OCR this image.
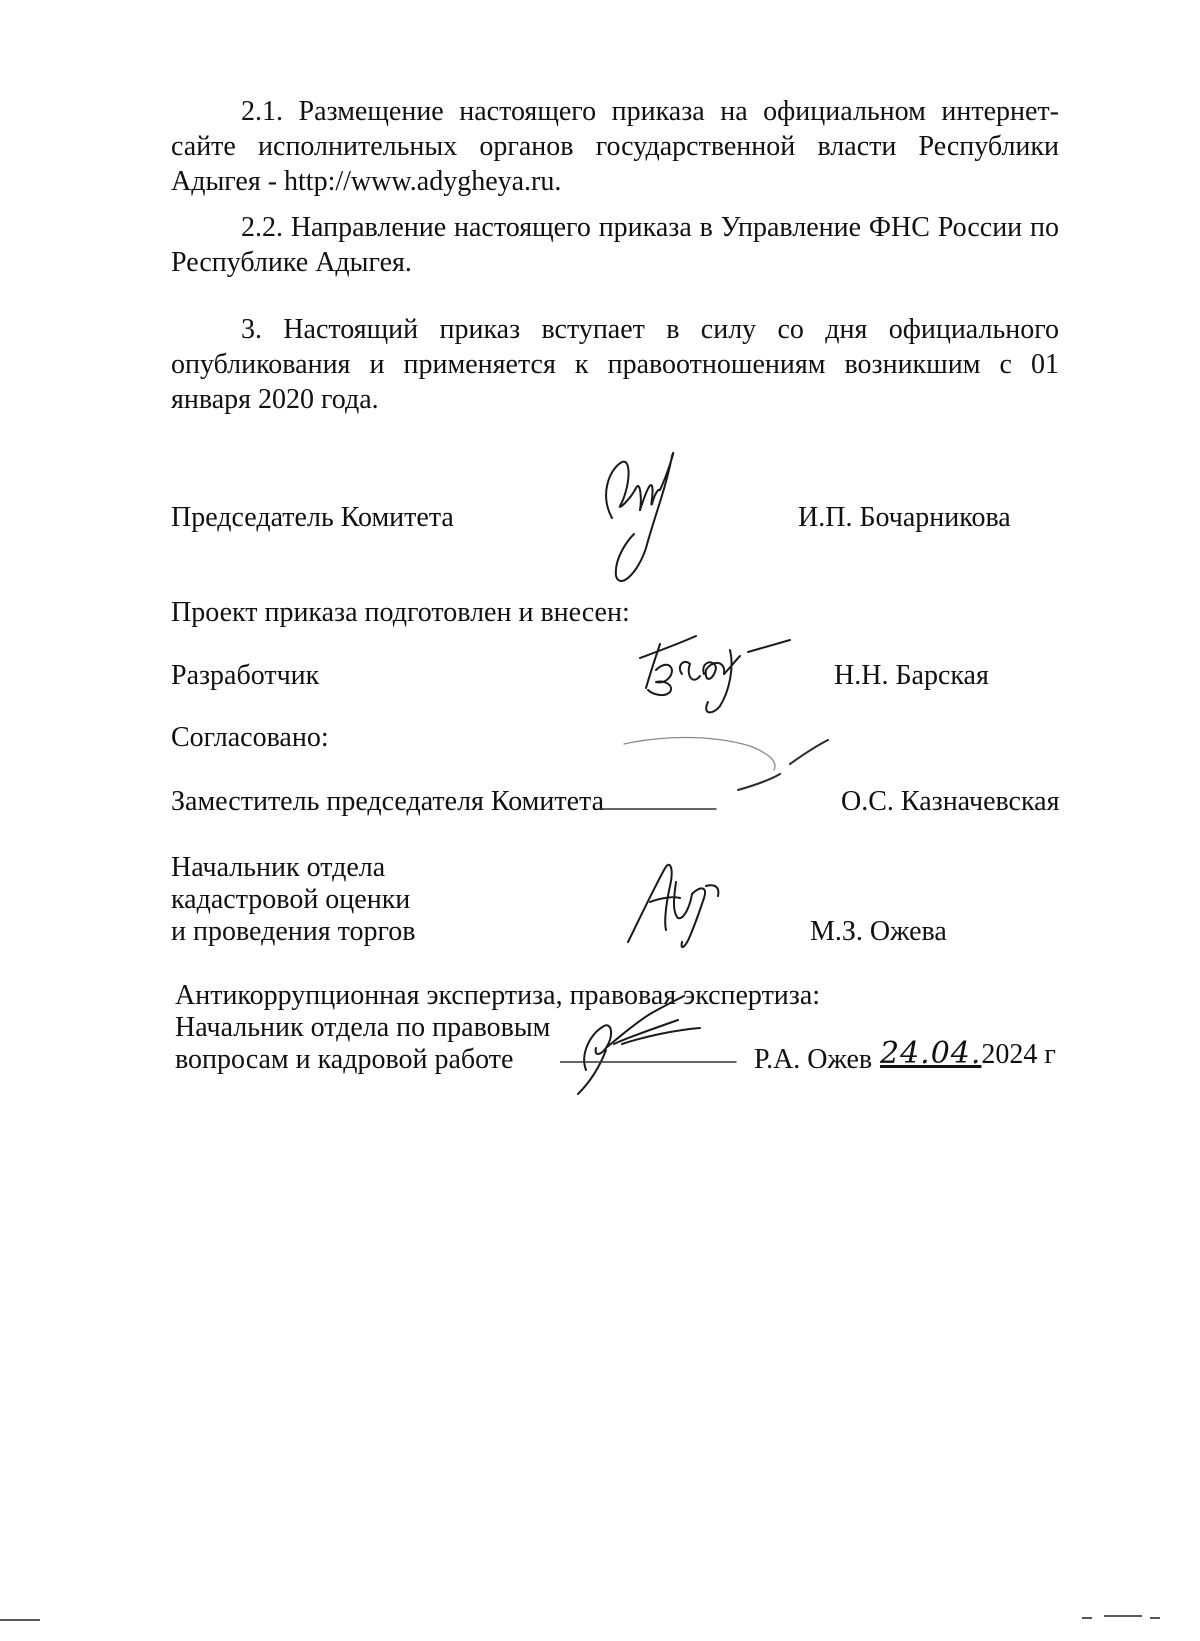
2.1. Размещение настоящего приказа на официальном интернет-сайте исполнительных органов государственной власти Республики Адыгея - http://www.adygheya.ru.

2.2. Направление настоящего приказа в Управление ФНС России по Республике Адыгея.

3. Настоящий приказ вступает в силу со дня официального опубликования и применяется к правоотношениям возникшим с 01 января 2020 года.

Председатель Комитета	И.П. Бочарникова
Проект приказа подготовлен и внесен:
Разработчик	Н.Н. Барская
Согласовано:
Заместитель председателя Комитета	О.С. Казначевская
Начальник отдела
кадастровой оценки
и проведения торгов	М.З. Ожева
Антикоррупционная экспертиза, правовая экспертиза:
Начальник отдела по правовым
вопросам и кадровой работе	Р.А. Ожев 24.04.2024 г
